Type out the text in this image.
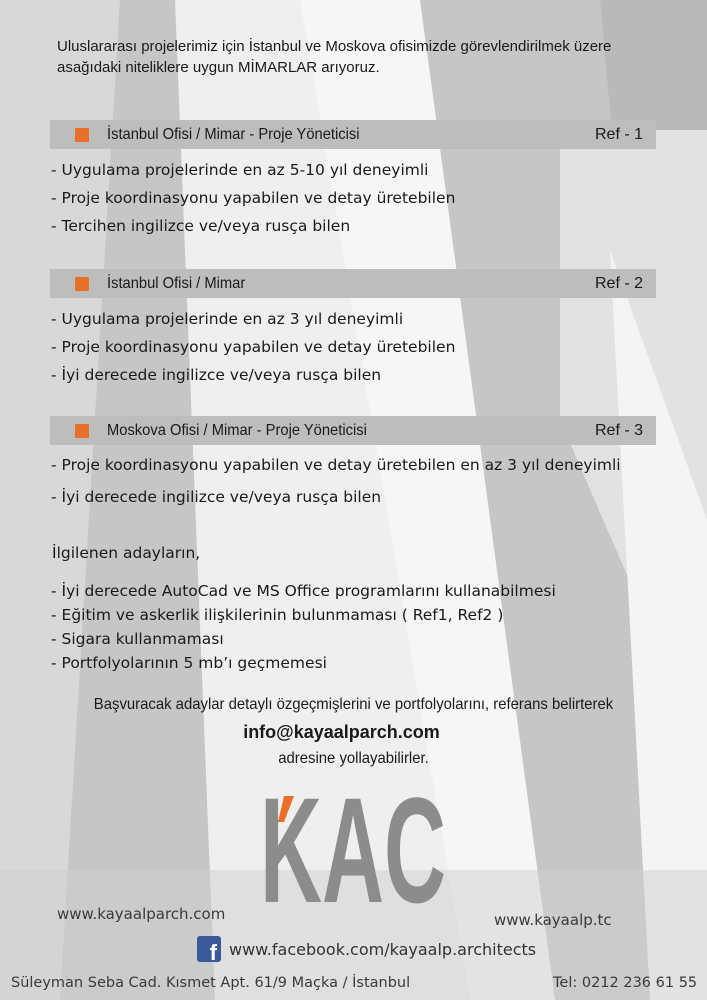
Uluslararası projelerimiz için İstanbul ve Moskova ofisimizde görevlendirilmek üzere
asağıdaki niteliklere uygun MİMARLAR arıyoruz.
İstanbul Ofisi / Mimar - Proje Yöneticisi	Ref - 1
- Uygulama projelerinde en az 5-10 yıl deneyimli
- Proje koordinasyonu yapabilen ve detay üretebilen
- Tercihen ingilizce ve/veya rusça bilen
İstanbul Ofisi / Mimar	Ref - 2
- Uygulama projelerinde en az 3 yıl deneyimli
- Proje koordinasyonu yapabilen ve detay üretebilen
- İyi derecede ingilizce ve/veya rusça bilen
Moskova Ofisi / Mimar - Proje Yöneticisi	Ref - 3
- Proje koordinasyonu yapabilen ve detay üretebilen en az 3 yıl deneyimli
- İyi derecede ingilizce ve/veya rusça bilen
İlgilenen adayların,
- İyi derecede AutoCad ve MS Office programlarını kullanabilmesi
- Eğitim ve askerlik ilişkilerinin bulunmaması ( Ref1, Ref2 )
- Sigara kullanmaması
- Portfolyolarının 5 mb’ı geçmemesi
Başvuracak adaylar detaylı özgeçmişlerini ve portfolyolarını, referans belirterek
info@kayaalparch.com
adresine yollayabilirler.
KAC
www.kayaalparch.com	www.kayaalp.tc
f www.facebook.com/kayaalp.architects
Süleyman Seba Cad. Kısmet Apt. 61/9 Maçka / İstanbul	Tel: 0212 236 61 55
